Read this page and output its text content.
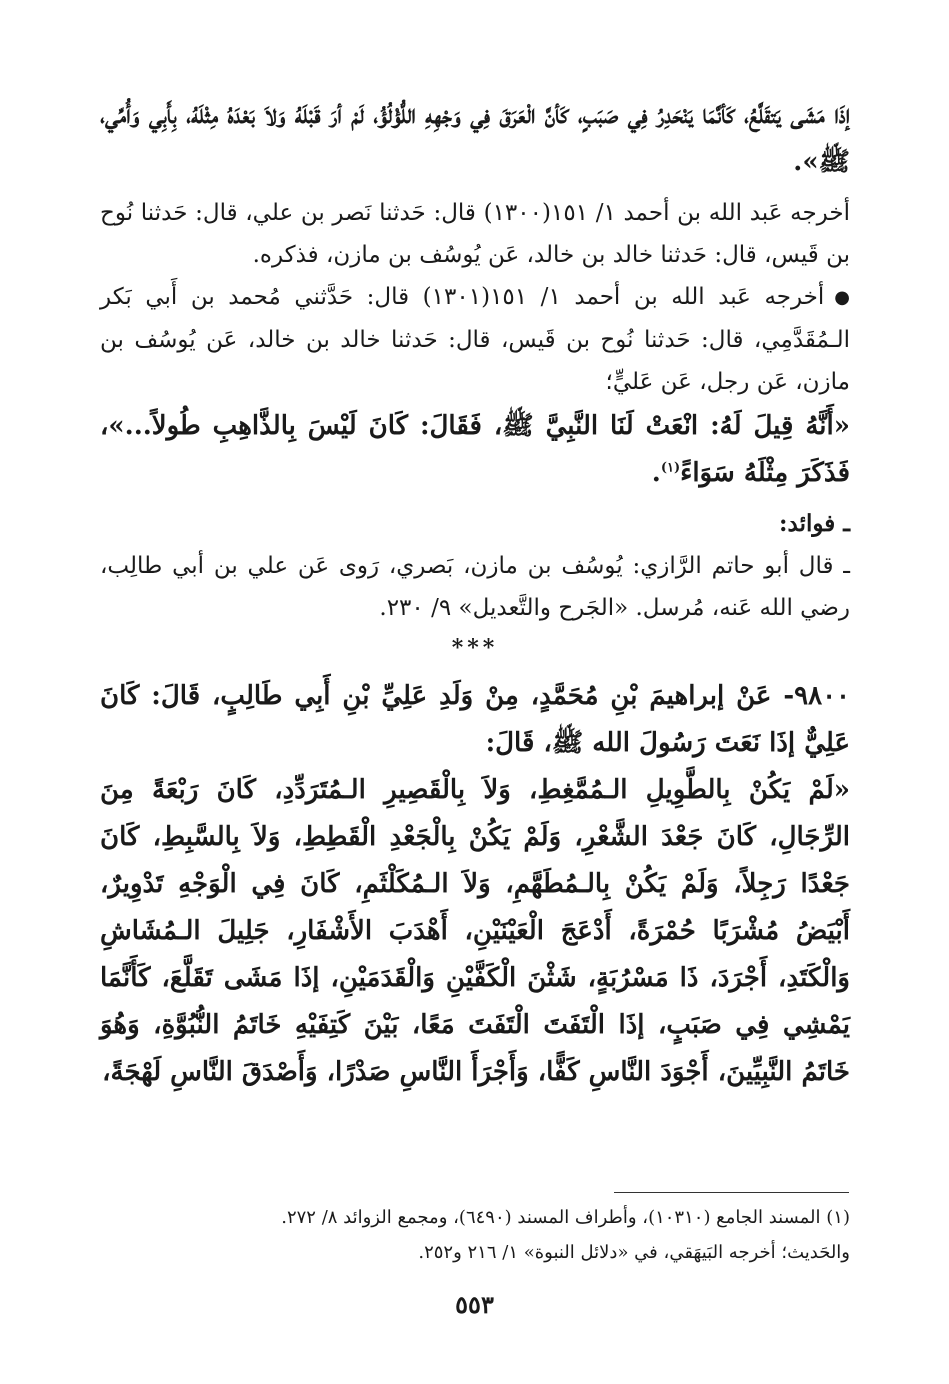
إذَا مَشَى يَتقَلَّعُ، كَأنَّمَا يَنْحَدِرُ فِي صَبَبٍ، كَأنَّ الْعَرَقَ فِي وَجْهِهِ اللُّؤْلُؤُ، لَمْ أرَ قَبْلَهُ وَلاَ بَعْدَهُ مِثْلَهُ، بِأَبِي وَأُمِّي، ﷺ».

أخرجه عَبد الله بن أحمد ١/ ١٥١(١٣٠٠) قال: حَدثنا نَصر بن علي، قال: حَدثنا نُوح بن قَيس، قال: حَدثنا خالد بن خالد، عَن يُوسُف بن مازن، فذكره.

●أخرجه عَبد الله بن أحمد ١/ ١٥١(١٣٠١) قال: حَدَّثني مُحمد بن أَبي بَكر الـمُقَدَّمِي، قال: حَدثنا نُوح بن قَيس، قال: حَدثنا خالد بن خالد، عَن يُوسُف بن مازن، عَن رجل، عَن عَليٍّ؛

«أَنَّهُ قِيلَ لَهُ: انْعَتْ لَنَا النَّبِيَّ ﷺ، فَقَالَ: كَانَ لَيْسَ بِالذَّاهِبِ طُولاً...»، فَذَكَرَ مِثْلَهُ سَوَاءً$^{(١)}$.

ـ فوائد:

ـ قال أبو حاتم الرَّازي: يُوسُف بن مازن، بَصري، رَوى عَن علي بن أبي طالِب، رضي الله عَنه، مُرسل. «الجَرح والتَّعديل» ٩/ ٢٣٠.

***

٩٨٠٠- عَنْ إبراهيمَ بْنِ مُحَمَّدٍ، مِنْ وَلَدِ عَلِيِّ بْنِ أَبِي طَالِبٍ، قَالَ: كَانَ عَلِيٌّ إذَا نَعَتَ رَسُولَ الله ﷺ، قَالَ:

«لَمْ يَكُنْ بِالطَّوِيلِ الـمُمَّغِطِ، وَلاَ بِالْقَصِيرِ الـمُتَرَدِّدِ، كَانَ رَبْعَةً مِنَ الرِّجَالِ، كَانَ جَعْدَ الشَّعْرِ، وَلَمْ يَكُنْ بِالْجَعْدِ الْقَطِطِ، وَلاَ بِالسَّبِطِ، كَانَ جَعْدًا رَجِلاً، وَلَمْ يَكُنْ بِالـمُطَهَّمِ، وَلاَ الـمُكَلْثَمِ، كَانَ فِي الْوَجْهِ تَدْوِيرٌ، أَبْيَضُ مُشْرَبًا حُمْرَةً، أَدْعَجَ الْعَيْنَيْنِ، أَهْدَبَ الأَشْفَارِ، جَلِيلَ الـمُشَاشِ وَالْكَتَدِ، أَجْرَدَ، ذَا مَسْرُبَةٍ، شَثْنَ الْكَفَّيْنِ وَالْقَدَمَيْنِ، إذَا مَشَى تَقَلَّعَ، كَأَنَّمَا يَمْشِي فِي صَبَبٍ، إذَا الْتَفَتَ الْتَفَتَ مَعًا، بَيْنَ كَتِفَيْهِ خَاتَمُ النُّبُوَّةِ، وَهُوَ خَاتَمُ النَّبِيِّينَ، أَجْوَدَ النَّاسِ كَفًّا، وَأَجْرَأَ النَّاسِ صَدْرًا، وَأَصْدَقَ النَّاسِ لَهْجَةً،

(١) المسند الجامع (١٠٣١٠)، وأطراف المسند (٦٤٩٠)، ومجمع الزوائد ٨/ ٢٧٢.

والحَديث؛ أخرجه البَيهَقي، في «دلائل النبوة» ١/ ٢١٦ و٢٥٢.

٥٥٣
